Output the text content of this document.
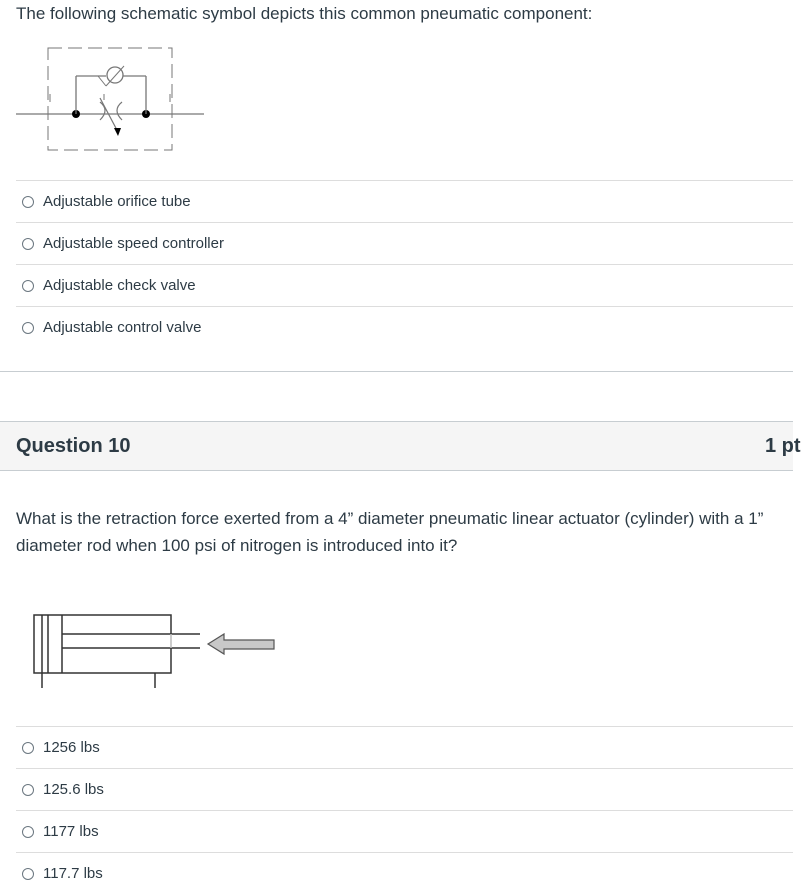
The following schematic symbol depicts this common pneumatic component:
Adjustable orifice tube
Adjustable speed controller
Adjustable check valve
Adjustable control valve
Question 10	1 pt
What is the retraction force exerted from a 4” diameter pneumatic linear actuator (cylinder) with a 1” diameter rod when 100 psi of nitrogen is introduced into it?
1256 lbs
125.6 lbs
1177 lbs
117.7 lbs
